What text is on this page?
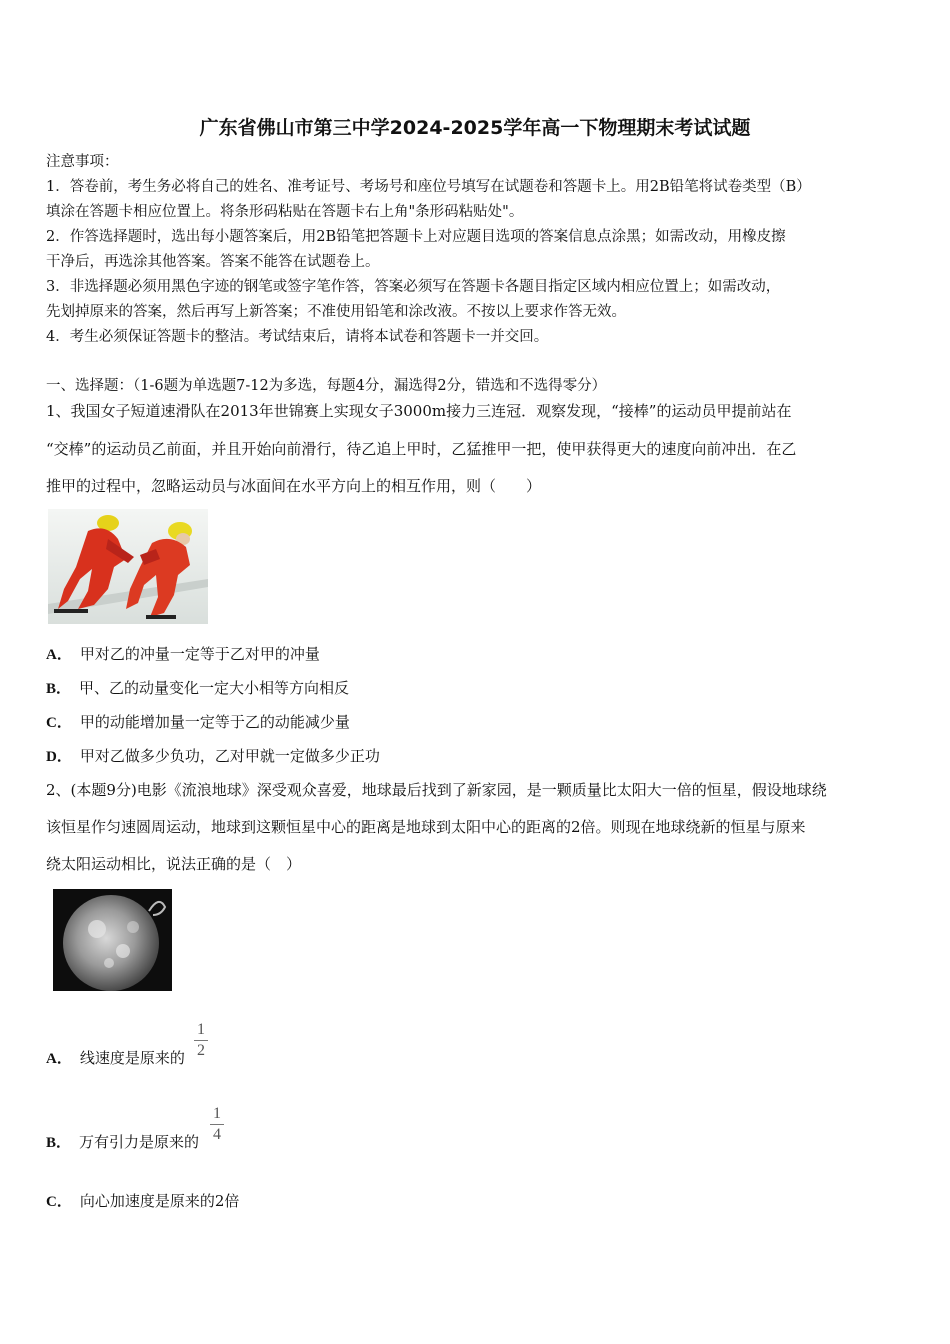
广东省佛山市第三中学2024-2025学年高一下物理期末考试试题
注意事项：
1．答卷前，考生务必将自己的姓名、准考证号、考场号和座位号填写在试题卷和答题卡上。用2B铅笔将试卷类型（B）
填涂在答题卡相应位置上。将条形码粘贴在答题卡右上角"条形码粘贴处"。
2．作答选择题时，选出每小题答案后，用2B铅笔把答题卡上对应题目选项的答案信息点涂黑；如需改动，用橡皮擦
干净后，再选涂其他答案。答案不能答在试题卷上。
3．非选择题必须用黑色字迹的钢笔或签字笔作答，答案必须写在答题卡各题目指定区域内相应位置上；如需改动，
先划掉原来的答案，然后再写上新答案；不准使用铅笔和涂改液。不按以上要求作答无效。
4．考生必须保证答题卡的整洁。考试结束后，请将本试卷和答题卡一并交回。
一、选择题：（1-6题为单选题7-12为多选，每题4分，漏选得2分，错选和不选得零分）
1、我国女子短道速滑队在2013年世锦赛上实现女子3000m接力三连冠．观察发现，“接棒”的运动员甲提前站在
“交棒”的运动员乙前面，并且开始向前滑行，待乙追上甲时，乙猛推甲一把，使甲获得更大的速度向前冲出．在乙
推甲的过程中，忽略运动员与冰面间在水平方向上的相互作用，则（　　）
A． 甲对乙的冲量一定等于乙对甲的冲量
B． 甲、乙的动量变化一定大小相等方向相反
C． 甲的动能增加量一定等于乙的动能减少量
D． 甲对乙做多少负功，乙对甲就一定做多少正功
2、(本题9分)电影《流浪地球》深受观众喜爱，地球最后找到了新家园，是一颗质量比太阳大一倍的恒星，假设地球绕
该恒星作匀速圆周运动，地球到这颗恒星中心的距离是地球到太阳中心的距离的2倍。则现在地球绕新的恒星与原来
绕太阳运动相比，说法正确的是（　）
A． 线速度是原来的
1
2
B． 万有引力是原来的
1
4
C． 向心加速度是原来的2倍
